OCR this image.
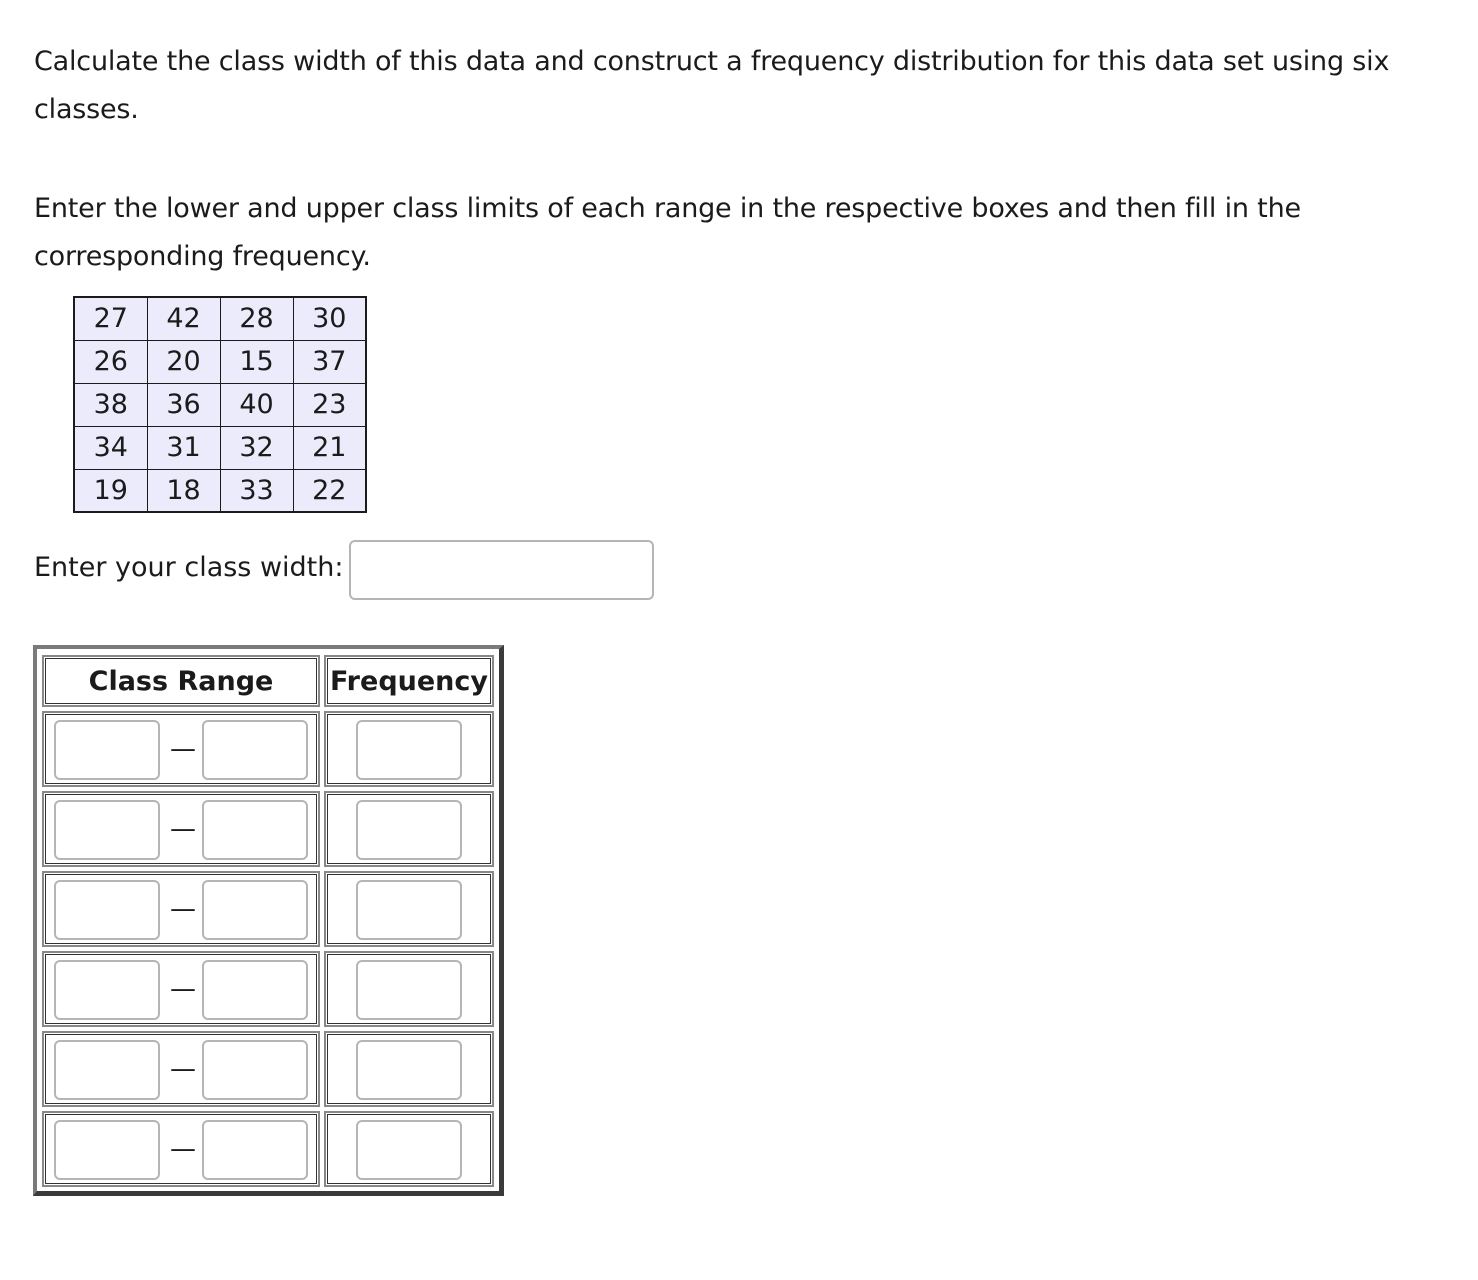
Calculate the class width of this data and construct a frequency distribution for this data set using six classes.

Enter the lower and upper class limits of each range in the respective boxes and then fill in the corresponding frequency.

27	42	28	30
26	20	15	37
38	36	40	23
34	31	32	21
19	18	33	22
Enter your class width:
Class Range	Frequency
—
—
—
—
—
—
